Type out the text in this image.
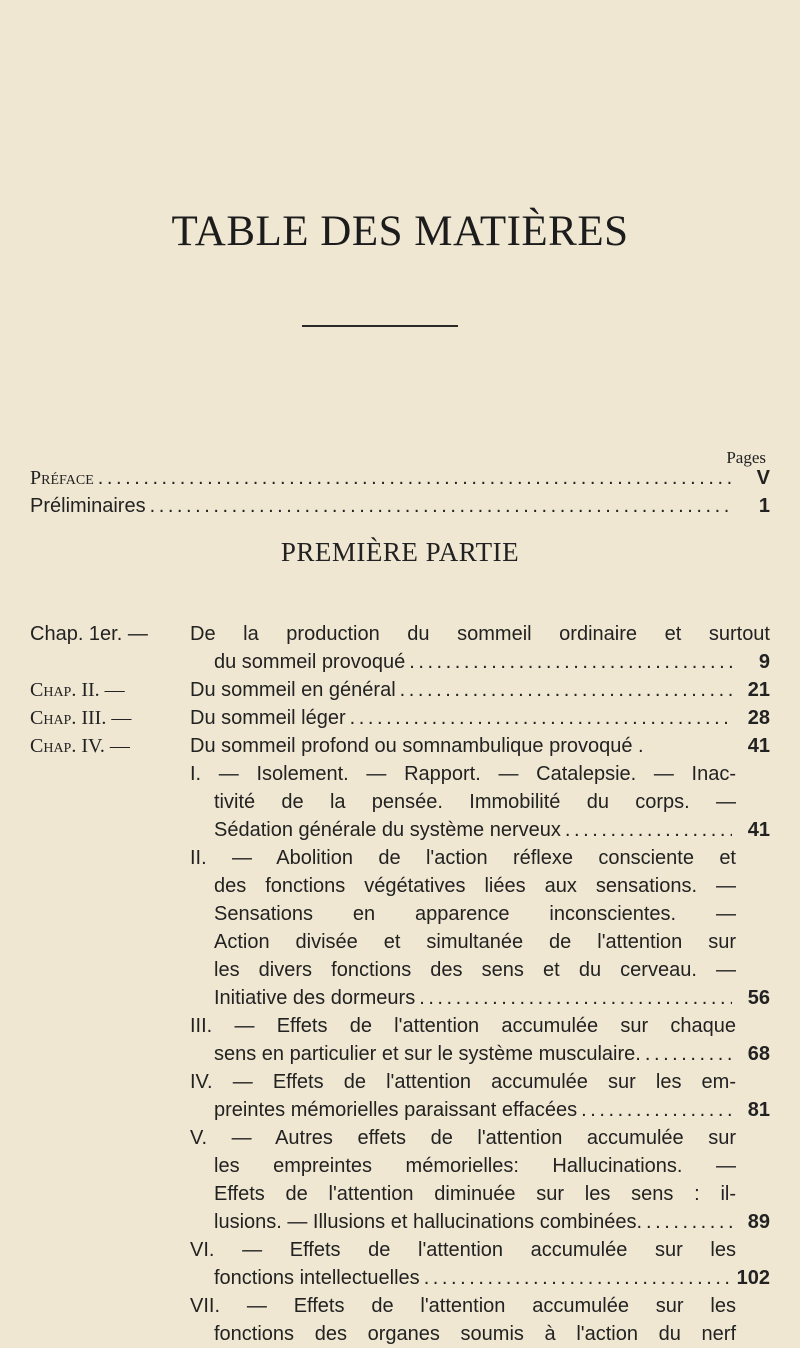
TABLE DES MATIÈRES
Pages
Préface . . .	V
Préliminaires . . .	1
PREMIÈRE PARTIE
Chap. 1er. — De la production du sommeil ordinaire et surtout
du sommeil provoqué . . .	9
Chap. II. —	Du sommeil en général . . .	21
Chap. III. —	Du sommeil léger . . .	28
Chap. IV. —	Du sommeil profond ou somnambulique provoqué .	41
I. — Isolement. — Rapport. — Catalepsie. — Inac-
tivité de la pensée. Immobilité du corps. —
Sédation générale du système nerveux . . .	41
II. — Abolition de l'action réflexe consciente et
des fonctions végétatives liées aux sensations. —
Sensations en apparence inconscientes. —
Action divisée et simultanée de l'attention sur
les divers fonctions des sens et du cerveau. —
Initiative des dormeurs . . .	56
III. — Effets de l'attention accumulée sur chaque
sens en particulier et sur le système musculaire. . . .	68
IV. — Effets de l'attention accumulée sur les em-
preintes mémorielles paraissant effacées . . .	81
V. — Autres effets de l'attention accumulée sur
les empreintes mémorielles: Hallucinations. —
Effets de l'attention diminuée sur les sens : il-
lusions. — Illusions et hallucinations combinées. . . .	89
VI. — Effets de l'attention accumulée sur les
fonctions intellectuelles . . .	102
VII. — Effets de l'attention accumulée sur les
fonctions des organes soumis à l'action du nerf
